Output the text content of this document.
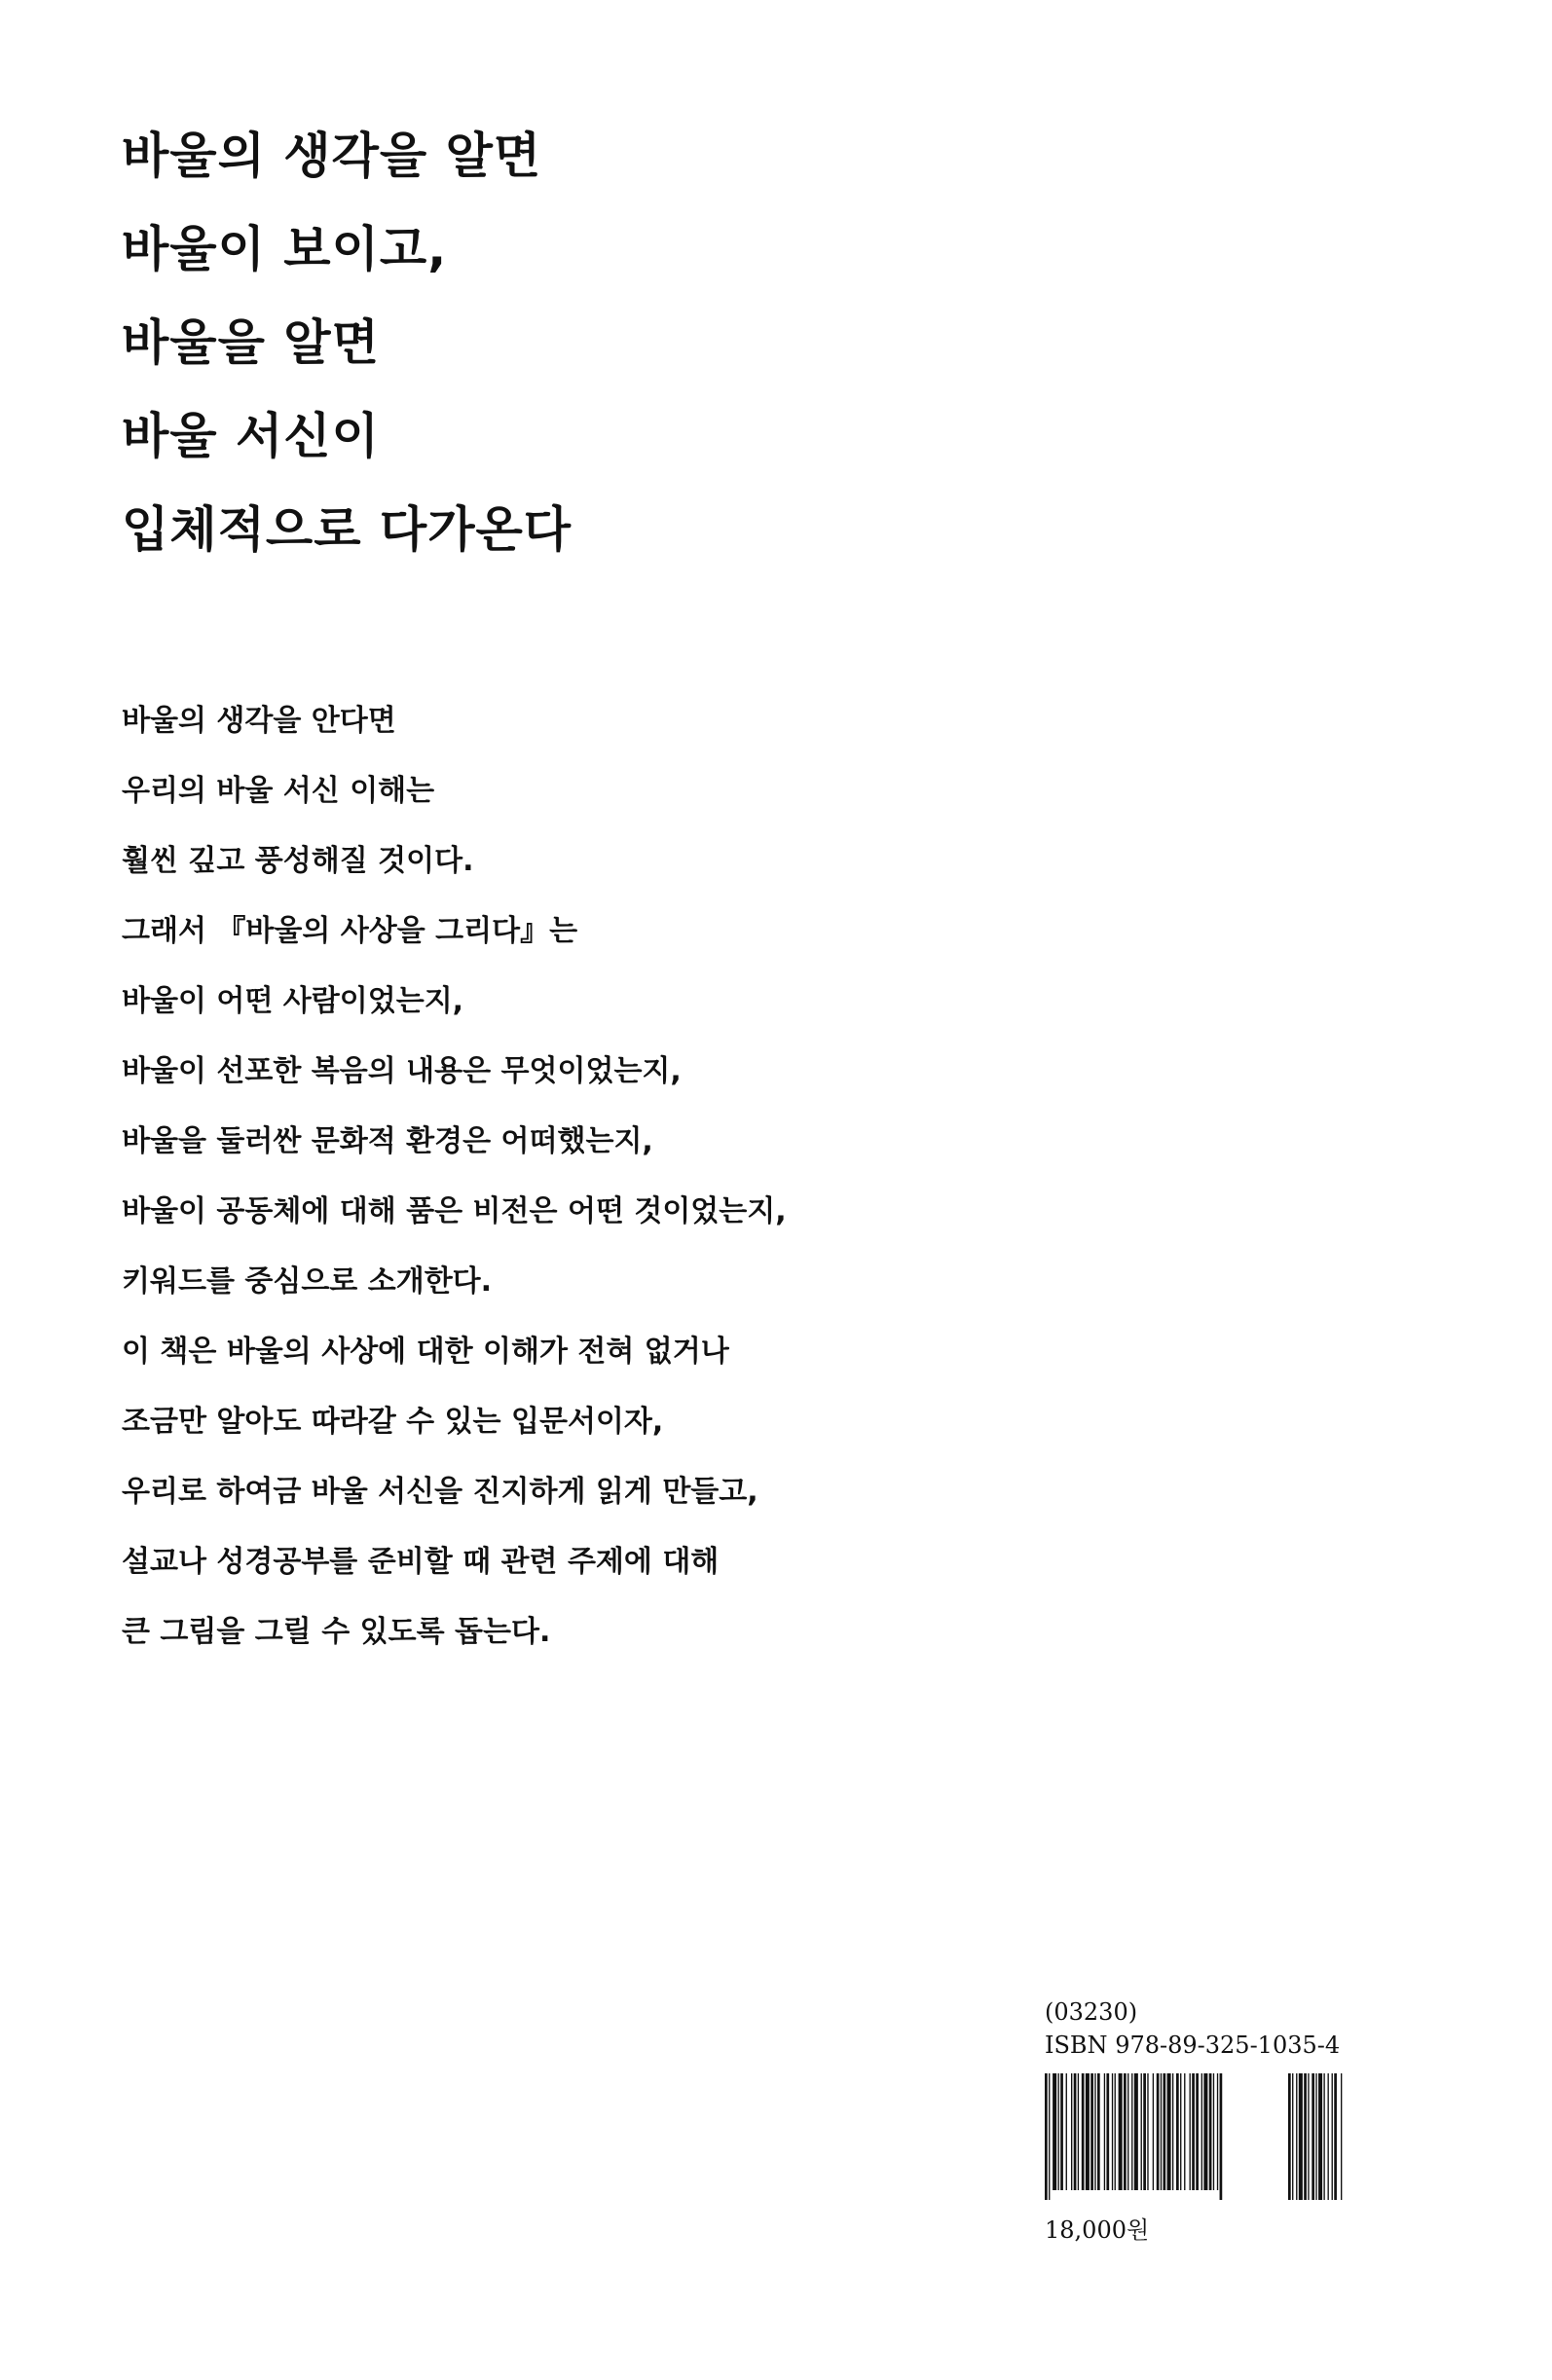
바울의 생각을 알면
바울이 보이고,
바울을 알면
바울 서신이
입체적으로 다가온다
바울의 생각을 안다면
우리의 바울 서신 이해는
훨씬 깊고 풍성해질 것이다.
그래서 『바울의 사상을 그리다』는
바울이 어떤 사람이었는지,
바울이 선포한 복음의 내용은 무엇이었는지,
바울을 둘러싼 문화적 환경은 어떠했는지,
바울이 공동체에 대해 품은 비전은 어떤 것이었는지,
키워드를 중심으로 소개한다.
이 책은 바울의 사상에 대한 이해가 전혀 없거나
조금만 알아도 따라갈 수 있는 입문서이자,
우리로 하여금 바울 서신을 진지하게 읽게 만들고,
설교나 성경공부를 준비할 때 관련 주제에 대해
큰 그림을 그릴 수 있도록 돕는다.
(03230)
ISBN 978-89-325-1035-4
18,000원
